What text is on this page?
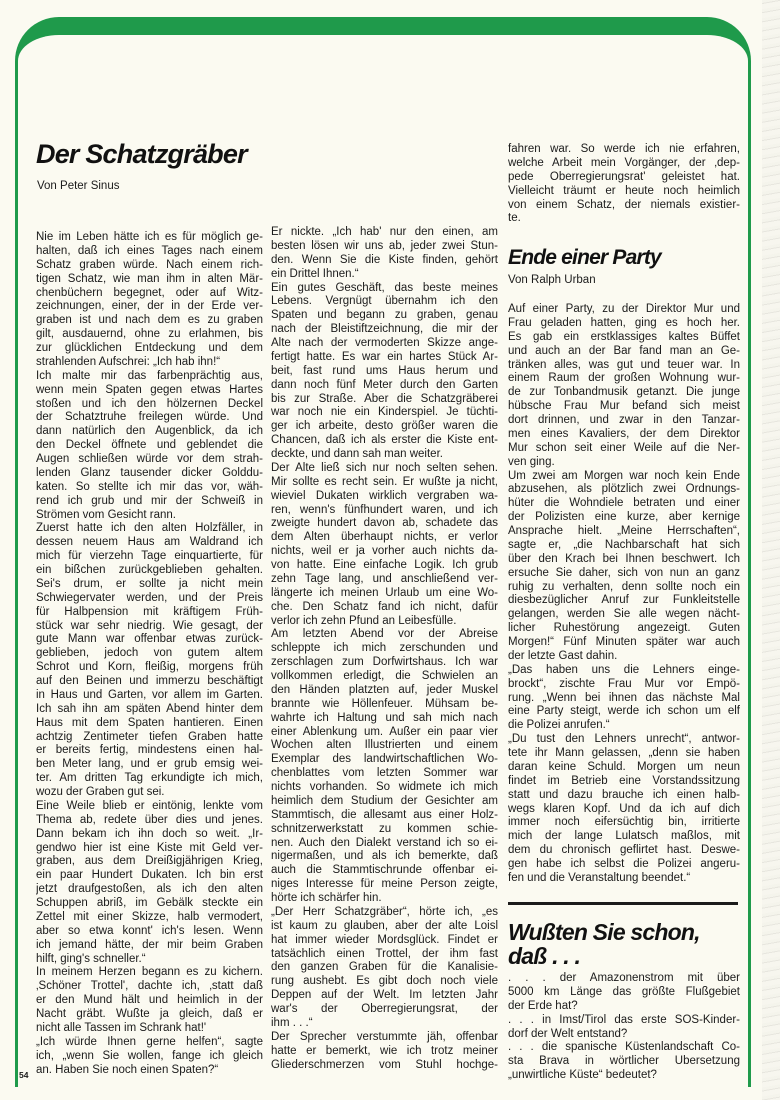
Der Schatzgräber
Von Peter Sinus
Nie im Leben hätte ich es für möglich ge-
halten, daß ich eines Tages nach einem
Schatz graben würde. Nach einem rich-
tigen Schatz, wie man ihm in alten Mär-
chenbüchern begegnet, oder auf Witz-
zeichnungen, einer, der in der Erde ver-
graben ist und nach dem es zu graben
gilt, ausdauernd, ohne zu erlahmen, bis
zur glücklichen Entdeckung und dem
strahlenden Aufschrei: „Ich hab ihn!“
Ich malte mir das farbenprächtig aus,
wenn mein Spaten gegen etwas Hartes
stoßen und ich den hölzernen Deckel
der Schatztruhe freilegen würde. Und
dann natürlich den Augenblick, da ich
den Deckel öffnete und geblendet die
Augen schließen würde vor dem strah-
lenden Glanz tausender dicker Golddu-
katen. So stellte ich mir das vor, wäh-
rend ich grub und mir der Schweiß in
Strömen vom Gesicht rann.
Zuerst hatte ich den alten Holzfäller, in
dessen neuem Haus am Waldrand ich
mich für vierzehn Tage einquartierte, für
ein bißchen zurückgeblieben gehalten.
Sei's drum, er sollte ja nicht mein
Schwiegervater werden, und der Preis
für Halbpension mit kräftigem Früh-
stück war sehr niedrig. Wie gesagt, der
gute Mann war offenbar etwas zurück-
geblieben, jedoch von gutem altem
Schrot und Korn, fleißig, morgens früh
auf den Beinen und immerzu beschäftigt
in Haus und Garten, vor allem im Garten.
Ich sah ihn am späten Abend hinter dem
Haus mit dem Spaten hantieren. Einen
achtzig Zentimeter tiefen Graben hatte
er bereits fertig, mindestens einen hal-
ben Meter lang, und er grub emsig wei-
ter. Am dritten Tag erkundigte ich mich,
wozu der Graben gut sei.
Eine Weile blieb er eintönig, lenkte vom
Thema ab, redete über dies und jenes.
Dann bekam ich ihn doch so weit. „Ir-
gendwo hier ist eine Kiste mit Geld ver-
graben, aus dem Dreißigjährigen Krieg,
ein paar Hundert Dukaten. Ich bin erst
jetzt draufgestoßen, als ich den alten
Schuppen abriß, im Gebälk steckte ein
Zettel mit einer Skizze, halb vermodert,
aber so etwa konnt' ich's lesen. Wenn
ich jemand hätte, der mir beim Graben
hilft, ging's schneller.“
In meinem Herzen begann es zu kichern.
‚Schöner Trottel', dachte ich, ‚statt daß
er den Mund hält und heimlich in der
Nacht gräbt. Wußte ja gleich, daß er
nicht alle Tassen im Schrank hat!'
„Ich würde Ihnen gerne helfen“, sagte
ich, „wenn Sie wollen, fange ich gleich
an. Haben Sie noch einen Spaten?“
Er nickte. „Ich hab' nur den einen, am
besten lösen wir uns ab, jeder zwei Stun-
den. Wenn Sie die Kiste finden, gehört
ein Drittel Ihnen.“
Ein gutes Geschäft, das beste meines
Lebens. Vergnügt übernahm ich den
Spaten und begann zu graben, genau
nach der Bleistiftzeichnung, die mir der
Alte nach der vermoderten Skizze ange-
fertigt hatte. Es war ein hartes Stück Ar-
beit, fast rund ums Haus herum und
dann noch fünf Meter durch den Garten
bis zur Straße. Aber die Schatzgräberei
war noch nie ein Kinderspiel. Je tüchti-
ger ich arbeite, desto größer waren die
Chancen, daß ich als erster die Kiste ent-
deckte, und dann sah man weiter.
Der Alte ließ sich nur noch selten sehen.
Mir sollte es recht sein. Er wußte ja nicht,
wieviel Dukaten wirklich vergraben wa-
ren, wenn's fünfhundert waren, und ich
zweigte hundert davon ab, schadete das
dem Alten überhaupt nichts, er verlor
nichts, weil er ja vorher auch nichts da-
von hatte. Eine einfache Logik. Ich grub
zehn Tage lang, und anschließend ver-
längerte ich meinen Urlaub um eine Wo-
che. Den Schatz fand ich nicht, dafür
verlor ich zehn Pfund an Leibesfülle.
Am letzten Abend vor der Abreise
schleppte ich mich zerschunden und
zerschlagen zum Dorfwirtshaus. Ich war
vollkommen erledigt, die Schwielen an
den Händen platzten auf, jeder Muskel
brannte wie Höllenfeuer. Mühsam be-
wahrte ich Haltung und sah mich nach
einer Ablenkung um. Außer ein paar vier
Wochen alten Illustrierten und einem
Exemplar des landwirtschaftlichen Wo-
chenblattes vom letzten Sommer war
nichts vorhanden. So widmete ich mich
heimlich dem Studium der Gesichter am
Stammtisch, die allesamt aus einer Holz-
schnitzerwerkstatt zu kommen schie-
nen. Auch den Dialekt verstand ich so ei-
nigermaßen, und als ich bemerkte, daß
auch die Stammtischrunde offenbar ei-
niges Interesse für meine Person zeigte,
hörte ich schärfer hin.
„Der Herr Schatzgräber“, hörte ich, „es
ist kaum zu glauben, aber der alte Loisl
hat immer wieder Mordsglück. Findet er
tatsächlich einen Trottel, der ihm fast
den ganzen Graben für die Kanalisie-
rung aushebt. Es gibt doch noch viele
Deppen auf der Welt. Im letzten Jahr
war's der Oberregierungsrat, der
ihm . . .“
Der Sprecher verstummte jäh, offenbar
hatte er bemerkt, wie ich trotz meiner
Gliederschmerzen vom Stuhl hochge-
fahren war. So werde ich nie erfahren,
welche Arbeit mein Vorgänger, der ‚dep-
pede Oberregierungsrat' geleistet hat.
Vielleicht träumt er heute noch heimlich
von einem Schatz, der niemals existier-
te.
Ende einer Party
Von Ralph Urban
Auf einer Party, zu der Direktor Mur und
Frau geladen hatten, ging es hoch her.
Es gab ein erstklassiges kaltes Büffet
und auch an der Bar fand man an Ge-
tränken alles, was gut und teuer war. In
einem Raum der großen Wohnung wur-
de zur Tonbandmusik getanzt. Die junge
hübsche Frau Mur befand sich meist
dort drinnen, und zwar in den Tanzar-
men eines Kavaliers, der dem Direktor
Mur schon seit einer Weile auf die Ner-
ven ging.
Um zwei am Morgen war noch kein Ende
abzusehen, als plötzlich zwei Ordnungs-
hüter die Wohndiele betraten und einer
der Polizisten eine kurze, aber kernige
Ansprache hielt. „Meine Herrschaften“,
sagte er, „die Nachbarschaft hat sich
über den Krach bei Ihnen beschwert. Ich
ersuche Sie daher, sich von nun an ganz
ruhig zu verhalten, denn sollte noch ein
diesbezüglicher Anruf zur Funkleitstelle
gelangen, werden Sie alle wegen nächt-
licher Ruhestörung angezeigt. Guten
Morgen!“ Fünf Minuten später war auch
der letzte Gast dahin.
„Das haben uns die Lehners einge-
brockt“, zischte Frau Mur vor Empö-
rung. „Wenn bei ihnen das nächste Mal
eine Party steigt, werde ich schon um elf
die Polizei anrufen.“
„Du tust den Lehners unrecht“, antwor-
tete ihr Mann gelassen, „denn sie haben
daran keine Schuld. Morgen um neun
findet im Betrieb eine Vorstandssitzung
statt und dazu brauche ich einen halb-
wegs klaren Kopf. Und da ich auf dich
immer noch eifersüchtig bin, irritierte
mich der lange Lulatsch maßlos, mit
dem du chronisch geflirtet hast. Deswe-
gen habe ich selbst die Polizei angeru-
fen und die Veranstaltung beendet.“
Wußten Sie schon,
daß . . .
. . . der Amazonenstrom mit über
5000 km Länge das größte Flußgebiet
der Erde hat?
. . . in Imst/Tirol das erste SOS-Kinder-
dorf der Welt entstand?
. . . die spanische Küstenlandschaft Co-
sta Brava in wörtlicher Übersetzung
„unwirtliche Küste“ bedeutet?
54
